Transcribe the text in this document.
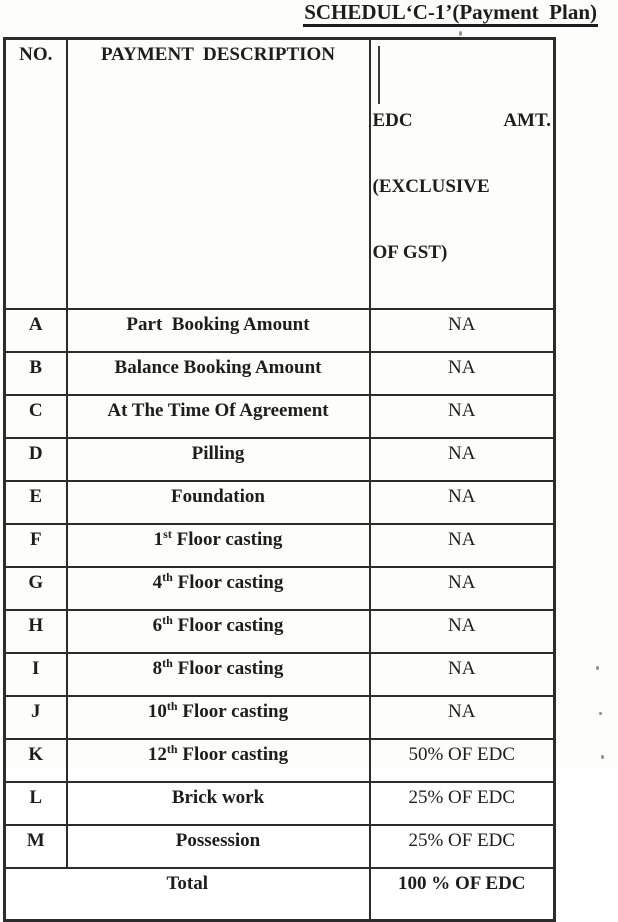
SCHEDUL‘C-1’(Payment  Plan)
NO.	PAYMENT  DESCRIPTION	EDC AMT.

(EXCLUSIVE

OF GST)

A	Part  Booking Amount	NA
B	Balance Booking Amount	NA
C	At The Time Of Agreement	NA
D	Pilling	NA
E	Foundation	NA
F	1st Floor casting	NA
G	4th Floor casting	NA
H	6th Floor casting	NA
I	8th Floor casting	NA
J	10th Floor casting	NA
K	12th Floor casting	50% OF EDC
L	Brick work	25% OF EDC
M	Possession	25% OF EDC
Total		100 % OF EDC
